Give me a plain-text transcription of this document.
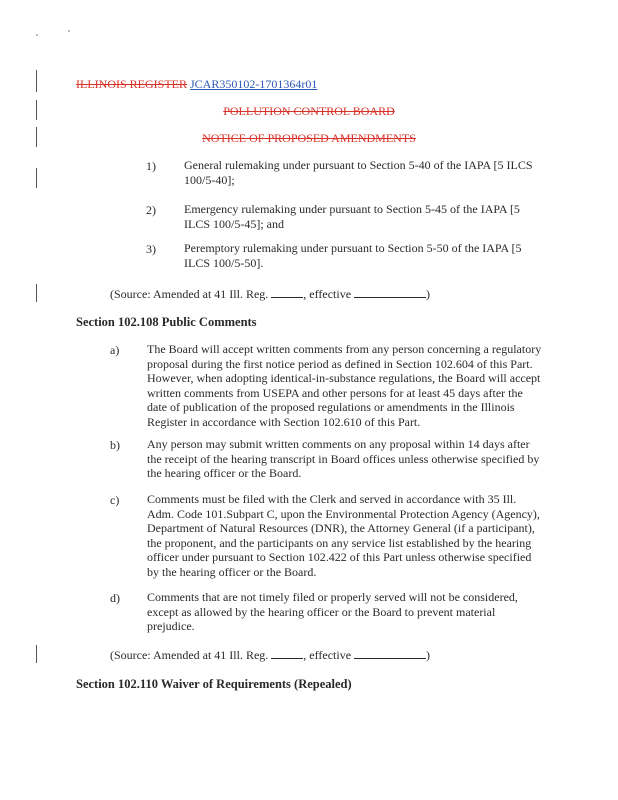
ILLINOIS REGISTER JCAR350102-1701364r01
POLLUTION CONTROL BOARD
NOTICE OF PROPOSED AMENDMENTS
1) General rulemaking under pursuant to Section 5-40 of the IAPA [5 ILCS
100/5-40];
2) Emergency rulemaking under pursuant to Section 5-45 of the IAPA [5
ILCS 100/5-45]; and
3) Peremptory rulemaking under pursuant to Section 5-50 of the IAPA [5
ILCS 100/5-50].
(Source: Amended at 41 Ill. Reg.	, effective	)
Section 102.108 Public Comments
a) The Board will accept written comments from any person concerning a regulatory
proposal during the first notice period as defined in Section 102.604 of this Part.
However, when adopting identical-in-substance regulations, the Board will accept
written comments from USEPA and other persons for at least 45 days after the
date of publication of the proposed regulations or amendments in the Illinois
Register in accordance with Section 102.610 of this Part.
b) Any person may submit written comments on any proposal within 14 days after
the receipt of the hearing transcript in Board offices unless otherwise specified by
the hearing officer or the Board.
c) Comments must be filed with the Clerk and served in accordance with 35 Ill.
Adm. Code 101.Subpart C, upon the Environmental Protection Agency (Agency),
Department of Natural Resources (DNR), the Attorney General (if a participant),
the proponent, and the participants on any service list established by the hearing
officer under pursuant to Section 102.422 of this Part unless otherwise specified
by the hearing officer or the Board.
d) Comments that are not timely filed or properly served will not be considered,
except as allowed by the hearing officer or the Board to prevent material
prejudice.
(Source: Amended at 41 Ill. Reg.	, effective	)
Section 102.110 Waiver of Requirements (Repealed)
